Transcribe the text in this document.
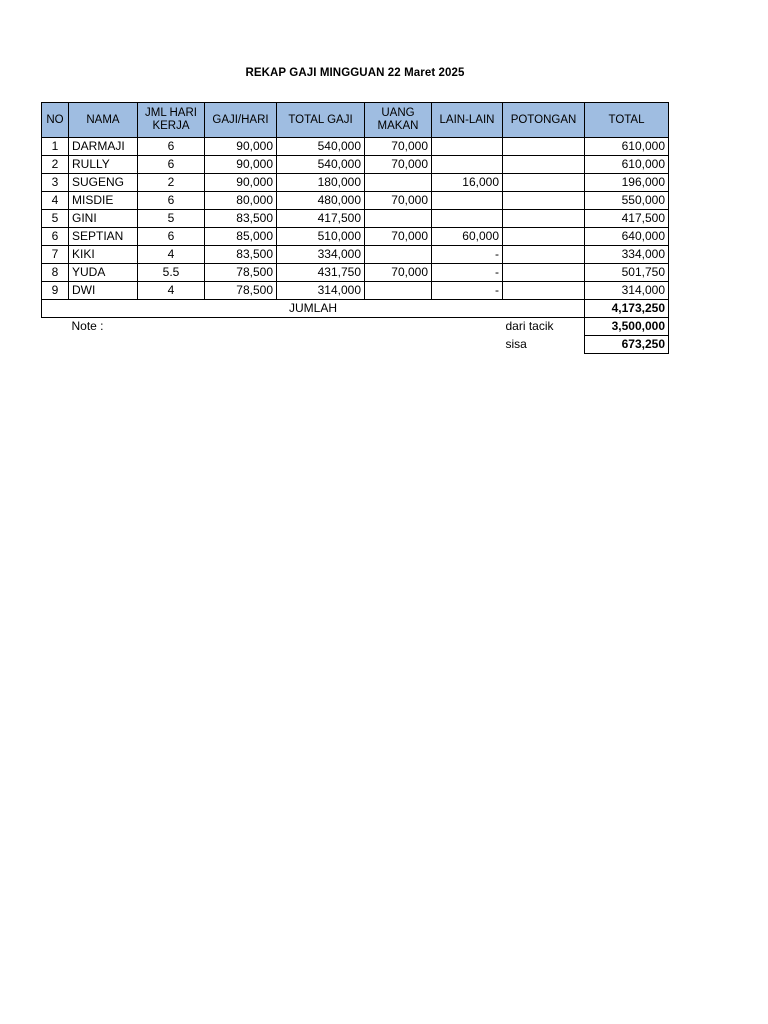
REKAP GAJI MINGGUAN 22 Maret 2025
NO	NAMA	JML HARI KERJA	GAJI/HARI	TOTAL GAJI	UANG MAKAN	LAIN-LAIN	POTONGAN	TOTAL
1	DARMAJI	6	90,000	540,000	70,000			610,000
2	RULLY	6	90,000	540,000	70,000			610,000
3	SUGENG	2	90,000	180,000		16,000		196,000
4	MISDIE	6	80,000	480,000	70,000			550,000
5	GINI	5	83,500	417,500				417,500
6	SEPTIAN	6	85,000	510,000	70,000	60,000		640,000
7	KIKI	4	83,500	334,000		-		334,000
8	YUDA	5.5	78,500	431,750	70,000	-		501,750
9	DWI	4	78,500	314,000		-		314,000
JUMLAH								4,173,250
	Note :						dari tacik	3,500,000
							sisa	673,250
